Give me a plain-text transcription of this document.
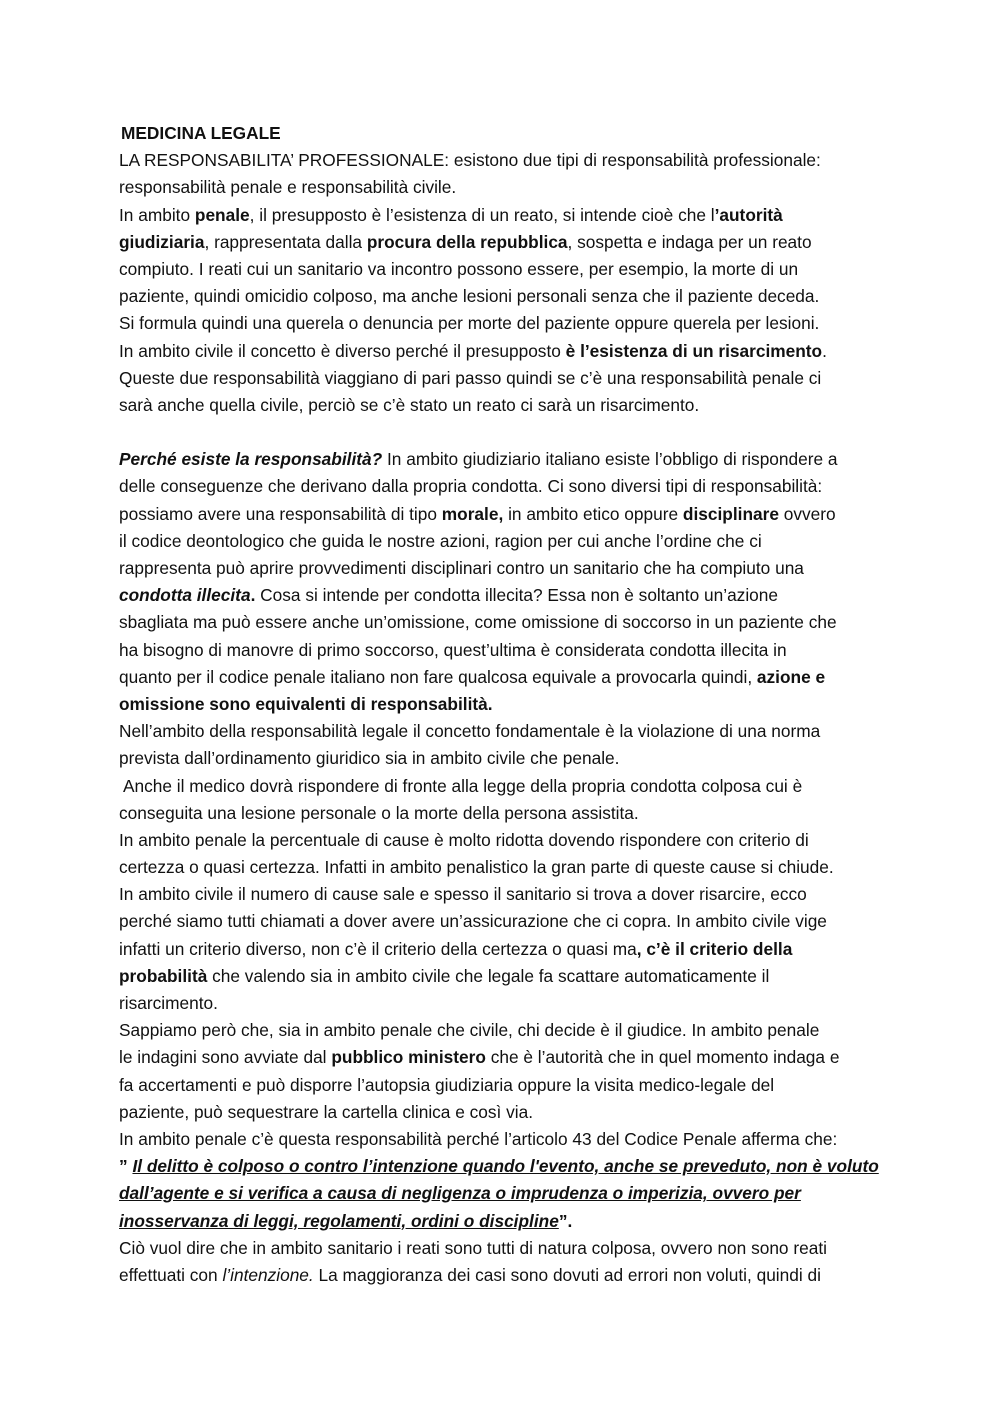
MEDICINA LEGALE
LA RESPONSABILITA’ PROFESSIONALE: esistono due tipi di responsabilità professionale:
responsabilità penale e responsabilità civile.
In ambito penale, il presupposto è l’esistenza di un reato, si intende cioè che l’autorità
giudiziaria, rappresentata dalla procura della repubblica, sospetta e indaga per un reato
compiuto. I reati cui un sanitario va incontro possono essere, per esempio, la morte di un
paziente, quindi omicidio colposo, ma anche lesioni personali senza che il paziente deceda.
Si formula quindi una querela o denuncia per morte del paziente oppure querela per lesioni.
In ambito civile il concetto è diverso perché il presupposto è l’esistenza di un risarcimento.
Queste due responsabilità viaggiano di pari passo quindi se c’è una responsabilità penale ci
sarà anche quella civile, perciò se c’è stato un reato ci sarà un risarcimento.
Perché esiste la responsabilità? In ambito giudiziario italiano esiste l’obbligo di rispondere a
delle conseguenze che derivano dalla propria condotta. Ci sono diversi tipi di responsabilità:
possiamo avere una responsabilità di tipo morale, in ambito etico oppure disciplinare ovvero
il codice deontologico che guida le nostre azioni, ragion per cui anche l’ordine che ci
rappresenta può aprire provvedimenti disciplinari contro un sanitario che ha compiuto una
condotta illecita. Cosa si intende per condotta illecita? Essa non è soltanto un’azione
sbagliata ma può essere anche un’omissione, come omissione di soccorso in un paziente che
ha bisogno di manovre di primo soccorso, quest’ultima è considerata condotta illecita in
quanto per il codice penale italiano non fare qualcosa equivale a provocarla quindi, azione e
omissione sono equivalenti di responsabilità.
Nell’ambito della responsabilità legale il concetto fondamentale è la violazione di una norma
prevista dall’ordinamento giuridico sia in ambito civile che penale.
Anche il medico dovrà rispondere di fronte alla legge della propria condotta colposa cui è
conseguita una lesione personale o la morte della persona assistita.
In ambito penale la percentuale di cause è molto ridotta dovendo rispondere con criterio di
certezza o quasi certezza. Infatti in ambito penalistico la gran parte di queste cause si chiude.
In ambito civile il numero di cause sale e spesso il sanitario si trova a dover risarcire, ecco
perché siamo tutti chiamati a dover avere un’assicurazione che ci copra. In ambito civile vige
infatti un criterio diverso, non c’è il criterio della certezza o quasi ma, c’è il criterio della
probabilità che valendo sia in ambito civile che legale fa scattare automaticamente il
risarcimento.
Sappiamo però che, sia in ambito penale che civile, chi decide è il giudice. In ambito penale
le indagini sono avviate dal pubblico ministero che è l’autorità che in quel momento indaga e
fa accertamenti e può disporre l’autopsia giudiziaria oppure la visita medico-legale del
paziente, può sequestrare la cartella clinica e così via.
In ambito penale c’è questa responsabilità perché l’articolo 43 del Codice Penale afferma che:
” Il delitto è colposo o contro l’intenzione quando l'evento, anche se preveduto, non è voluto
dall’agente e si verifica a causa di negligenza o imprudenza o imperizia, ovvero per
inosservanza di leggi, regolamenti, ordini o discipline”.
Ciò vuol dire che in ambito sanitario i reati sono tutti di natura colposa, ovvero non sono reati
effettuati con l’intenzione. La maggioranza dei casi sono dovuti ad errori non voluti, quindi di
